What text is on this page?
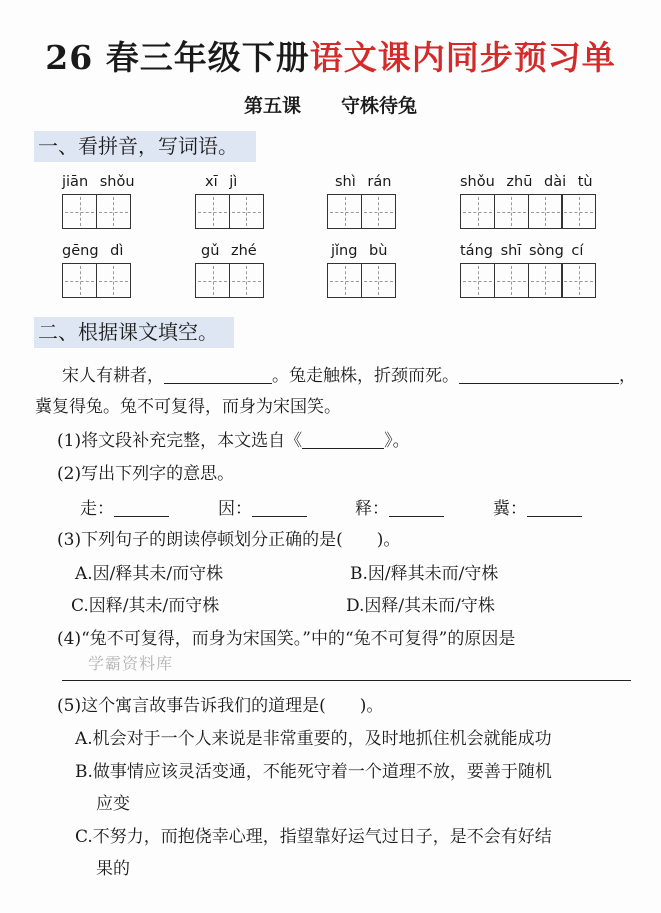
26 春三年级下册语文课内同步预习单
第五课 守株待兔
一、看拼音，写词语。
jiān shǒu	xī jì	shì rán	shǒu zhū dài tù
gēng dì	gǔ zhé	jǐng bù	táng shī sòng cí
二、根据课文填空。
宋人有耕者，	。兔走触株，折颈而死。	，
冀复得兔。兔不可复得，而身为宋国笑。
(1)将文段补充完整，本文选自《	》。
(2)写出下列字的意思。
走：	因：	释：	冀：
(3)下列句子的朗读停顿划分正确的是(　　)。
A.因/释其未/而守株	B.因/释其未而/守株
C.因释/其未/而守株	D.因释/其未而/守株
(4)“兔不可复得，而身为宋国笑。”中的“兔不可复得”的原因是
学霸资料库
(5)这个寓言故事告诉我们的道理是(　　)。
A.机会对于一个人来说是非常重要的，及时地抓住机会就能成功
B.做事情应该灵活变通，不能死守着一个道理不放，要善于随机
应变
C.不努力，而抱侥幸心理，指望靠好运气过日子，是不会有好结
果的
